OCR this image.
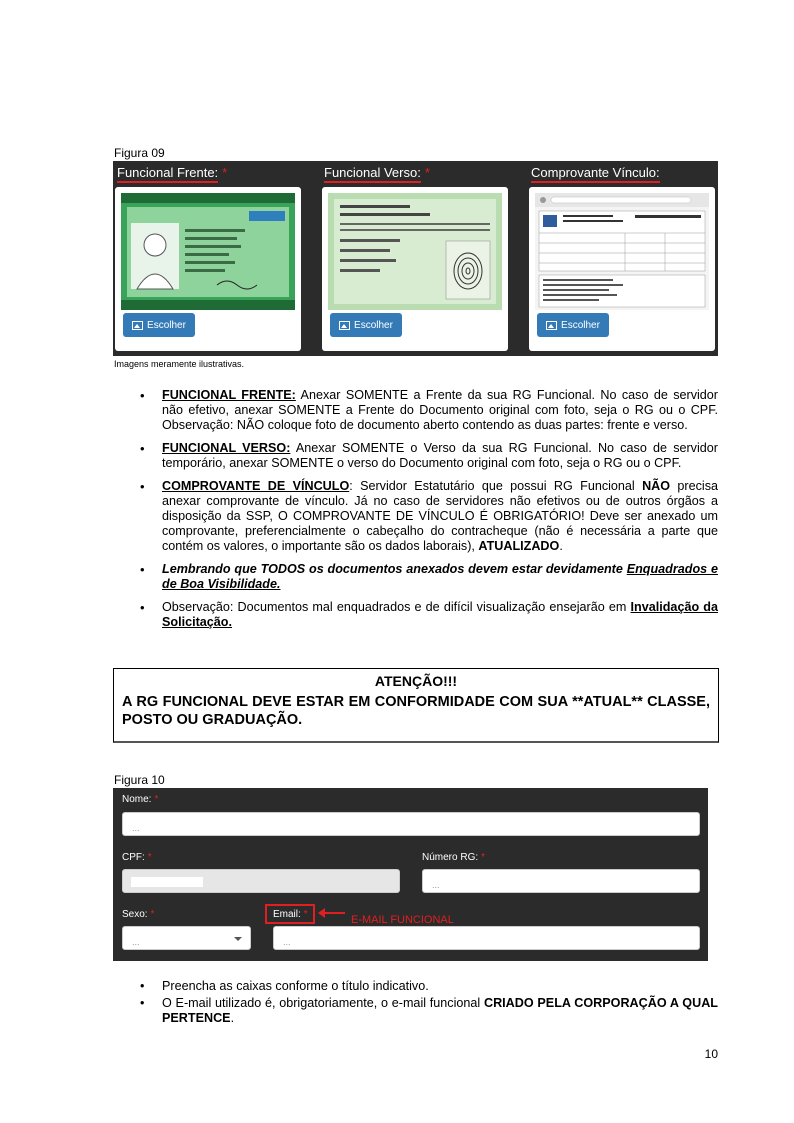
Figura 09
Funcional Frente: *
Escolher
Funcional Verso: *
Escolher
Comprovante Vínculo:
Escolher
Imagens meramente ilustrativas.
• FUNCIONAL FRENTE: Anexar SOMENTE a Frente da sua RG Funcional. No caso de servidor não efetivo, anexar SOMENTE a Frente do Documento original com foto, seja o RG ou o CPF. Observação: NÃO coloque foto de documento aberto contendo as duas partes: frente e verso.
• FUNCIONAL VERSO: Anexar SOMENTE o Verso da sua RG Funcional. No caso de servidor temporário, anexar SOMENTE o verso do Documento original com foto, seja o RG ou o CPF.
• COMPROVANTE DE VÍNCULO: Servidor Estatutário que possui RG Funcional NÃO precisa anexar comprovante de vínculo. Já no caso de servidores não efetivos ou de outros órgãos a disposição da SSP, O COMPROVANTE DE VÍNCULO É OBRIGATÓRIO! Deve ser anexado um comprovante, preferencialmente o cabeçalho do contracheque (não é necessária a parte que contém os valores, o importante são os dados laborais), ATUALIZADO.
• Lembrando que TODOS os documentos anexados devem estar devidamente Enquadrados e de Boa Visibilidade.
• Observação: Documentos mal enquadrados e de difícil visualização ensejarão em Invalidação da Solicitação.
ATENÇÃO!!!
A RG FUNCIONAL DEVE ESTAR EM CONFORMIDADE COM SUA **ATUAL** CLASSE, POSTO OU GRADUAÇÃO.
Figura 10
Nome: *
...
CPF: *	Número RG: *
...
Sexo: *
...
Email: *	E-MAIL FUNCIONAL
...
• Preencha as caixas conforme o título indicativo.
• O E-mail utilizado é, obrigatoriamente, o e-mail funcional CRIADO PELA CORPORAÇÃO A QUAL PERTENCE.
10
